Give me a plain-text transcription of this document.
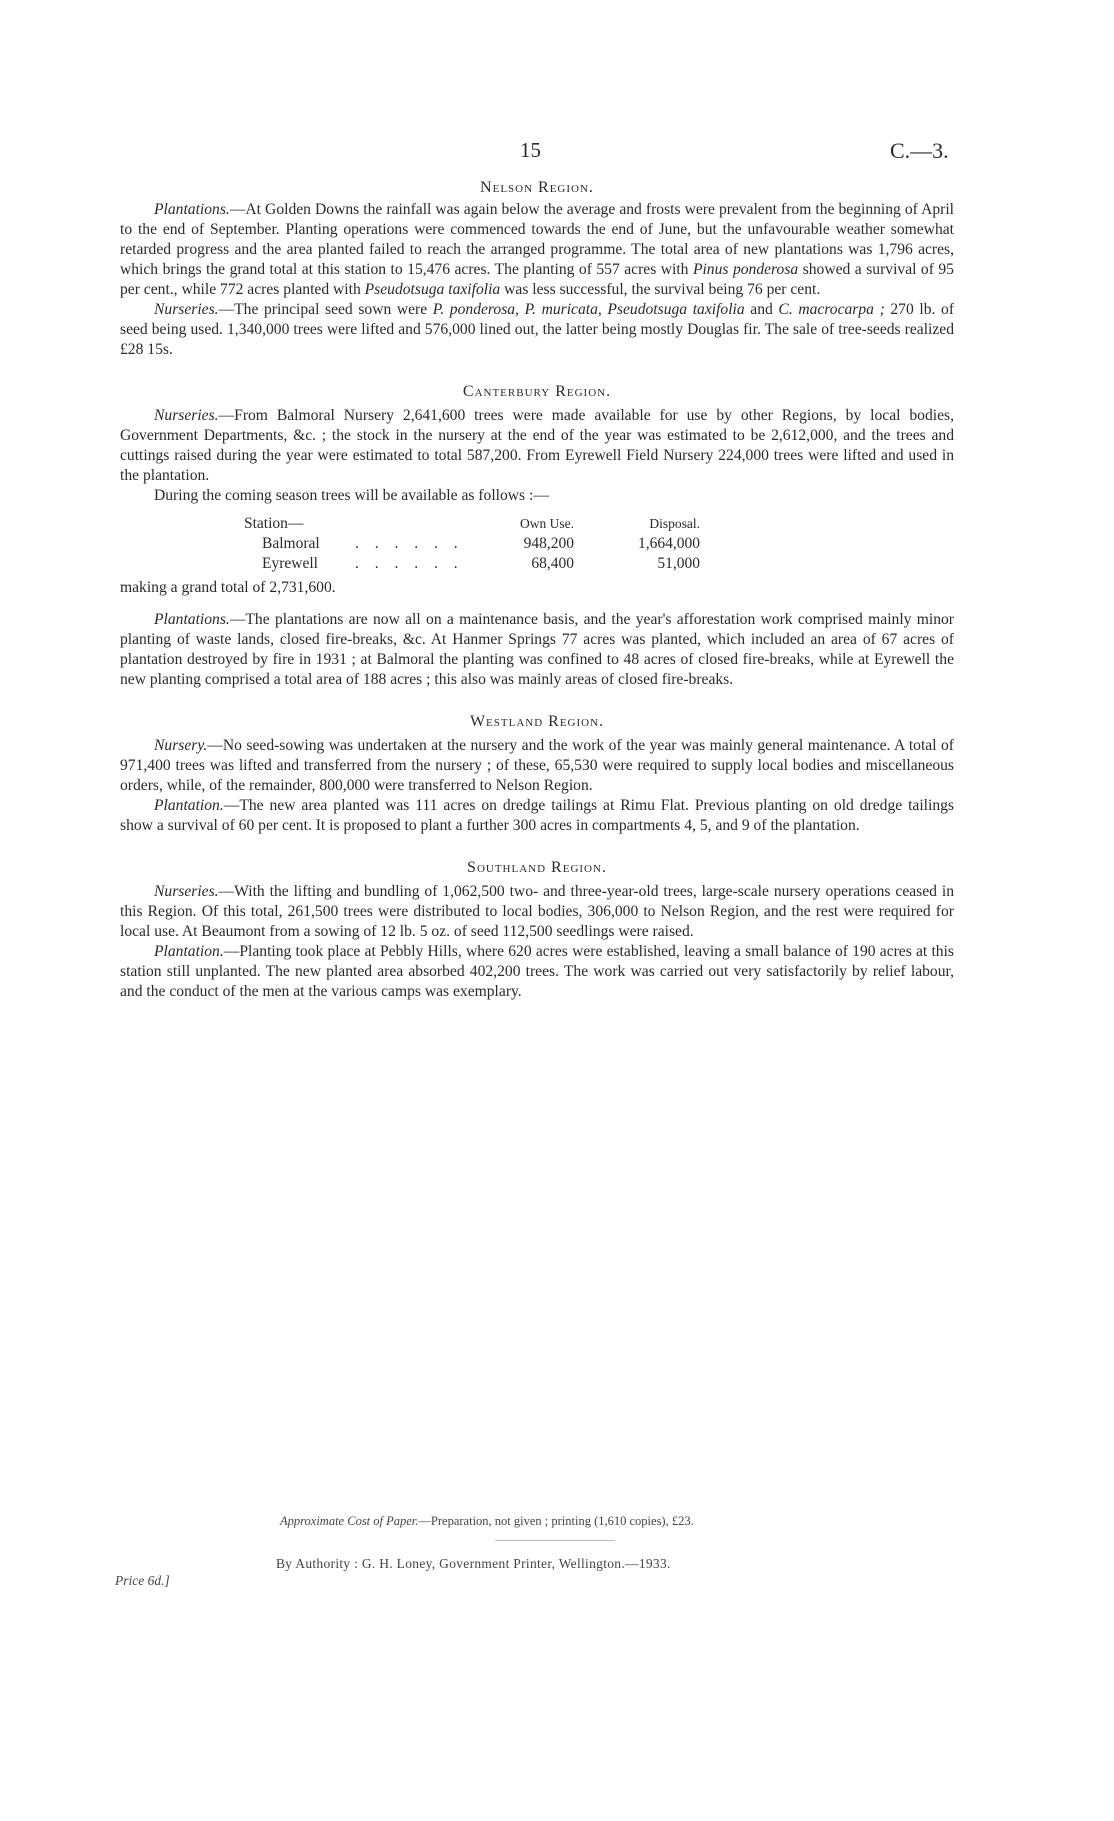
15	C.—3.
Nelson Region.

Plantations.—At Golden Downs the rainfall was again below the average and frosts were prevalent from the beginning of April to the end of September. Planting operations were commenced towards the end of June, but the unfavourable weather somewhat retarded progress and the area planted failed to reach the arranged programme. The total area of new plantations was 1,796 acres, which brings the grand total at this station to 15,476 acres. The planting of 557 acres with Pinus ponderosa showed a survival of 95 per cent., while 772 acres planted with Pseudotsuga taxifolia was less successful, the survival being 76 per cent.

Nurseries.—The principal seed sown were P. ponderosa, P. muricata, Pseudotsuga taxifolia and C. macrocarpa ; 270 lb. of seed being used. 1,340,000 trees were lifted and 576,000 lined out, the latter being mostly Douglas fir. The sale of tree-seeds realized £28 15s.

Canterbury Region.

Nurseries.—From Balmoral Nursery 2,641,600 trees were made available for use by other Regions, by local bodies, Government Departments, &c. ; the stock in the nursery at the end of the year was estimated to be 2,612,000, and the trees and cuttings raised during the year were estimated to total 587,200. From Eyrewell Field Nursery 224,000 trees were lifted and used in the plantation.

During the coming season trees will be available as follows :—

Station—	Own Use.	Disposal.
Balmoral . . . . . .	948,200	1,664,000
Eyrewell . . . . . .	68,400	51,000

making a grand total of 2,731,600.

Plantations.—The plantations are now all on a maintenance basis, and the year's afforestation work comprised mainly minor planting of waste lands, closed fire-breaks, &c. At Hanmer Springs 77 acres was planted, which included an area of 67 acres of plantation destroyed by fire in 1931 ; at Balmoral the planting was confined to 48 acres of closed fire-breaks, while at Eyrewell the new planting comprised a total area of 188 acres ; this also was mainly areas of closed fire-breaks.

Westland Region.

Nursery.—No seed-sowing was undertaken at the nursery and the work of the year was mainly general maintenance. A total of 971,400 trees was lifted and transferred from the nursery ; of these, 65,530 were required to supply local bodies and miscellaneous orders, while, of the remainder, 800,000 were transferred to Nelson Region.

Plantation.—The new area planted was 111 acres on dredge tailings at Rimu Flat. Previous planting on old dredge tailings show a survival of 60 per cent. It is proposed to plant a further 300 acres in compartments 4, 5, and 9 of the plantation.

Southland Region.

Nurseries.—With the lifting and bundling of 1,062,500 two- and three-year-old trees, large-scale nursery operations ceased in this Region. Of this total, 261,500 trees were distributed to local bodies, 306,000 to Nelson Region, and the rest were required for local use. At Beaumont from a sowing of 12 lb. 5 oz. of seed 112,500 seedlings were raised.

Plantation.—Planting took place at Pebbly Hills, where 620 acres were established, leaving a small balance of 190 acres at this station still unplanted. The new planted area absorbed 402,200 trees. The work was carried out very satisfactorily by relief labour, and the conduct of the men at the various camps was exemplary.

Approximate Cost of Paper.—Preparation, not given ; printing (1,610 copies), £23.
By Authority : G. H. Loney, Government Printer, Wellington.—1933.
Price 6d.]
